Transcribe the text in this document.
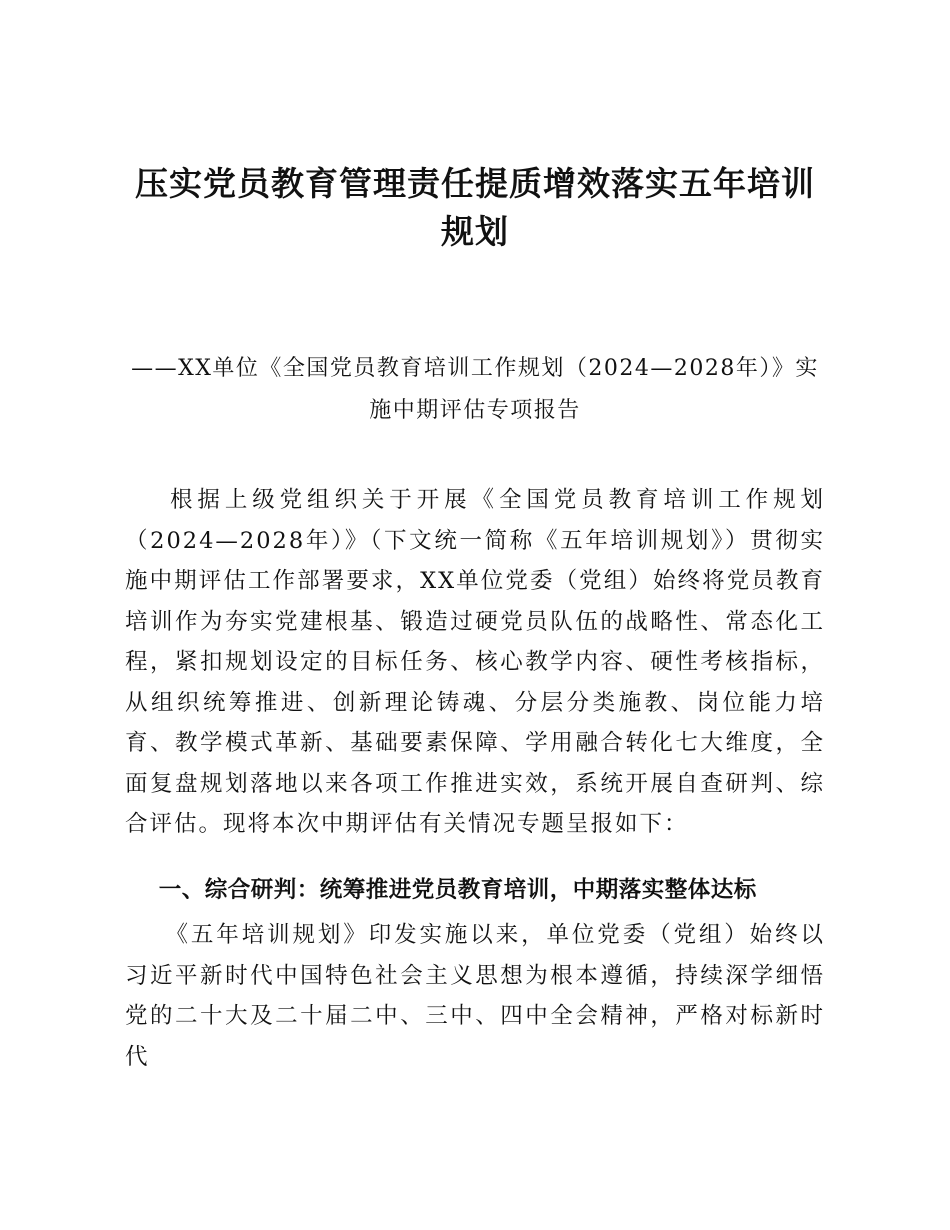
压实党员教育管理责任提质增效落实五年培训规划
——XX单位《全国党员教育培训工作规划（2024—2028年）》实施中期评估专项报告

根据上级党组织关于开展《全国党员教育培训工作规划（2024—2028年）》（下文统一简称《五年培训规划》）贯彻实施中期评估工作部署要求，XX单位党委（党组）始终将党员教育培训作为夯实党建根基、锻造过硬党员队伍的战略性、常态化工程，紧扣规划设定的目标任务、核心教学内容、硬性考核指标，从组织统筹推进、创新理论铸魂、分层分类施教、岗位能力培育、教学模式革新、基础要素保障、学用融合转化七大维度，全面复盘规划落地以来各项工作推进实效，系统开展自查研判、综合评估。现将本次中期评估有关情况专题呈报如下：

一、综合研判：统筹推进党员教育培训，中期落实整体达标

《五年培训规划》印发实施以来，单位党委（党组）始终以习近平新时代中国特色社会主义思想为根本遵循，持续深学细悟党的二十大及二十届二中、三中、四中全会精神，严格对标新时代
